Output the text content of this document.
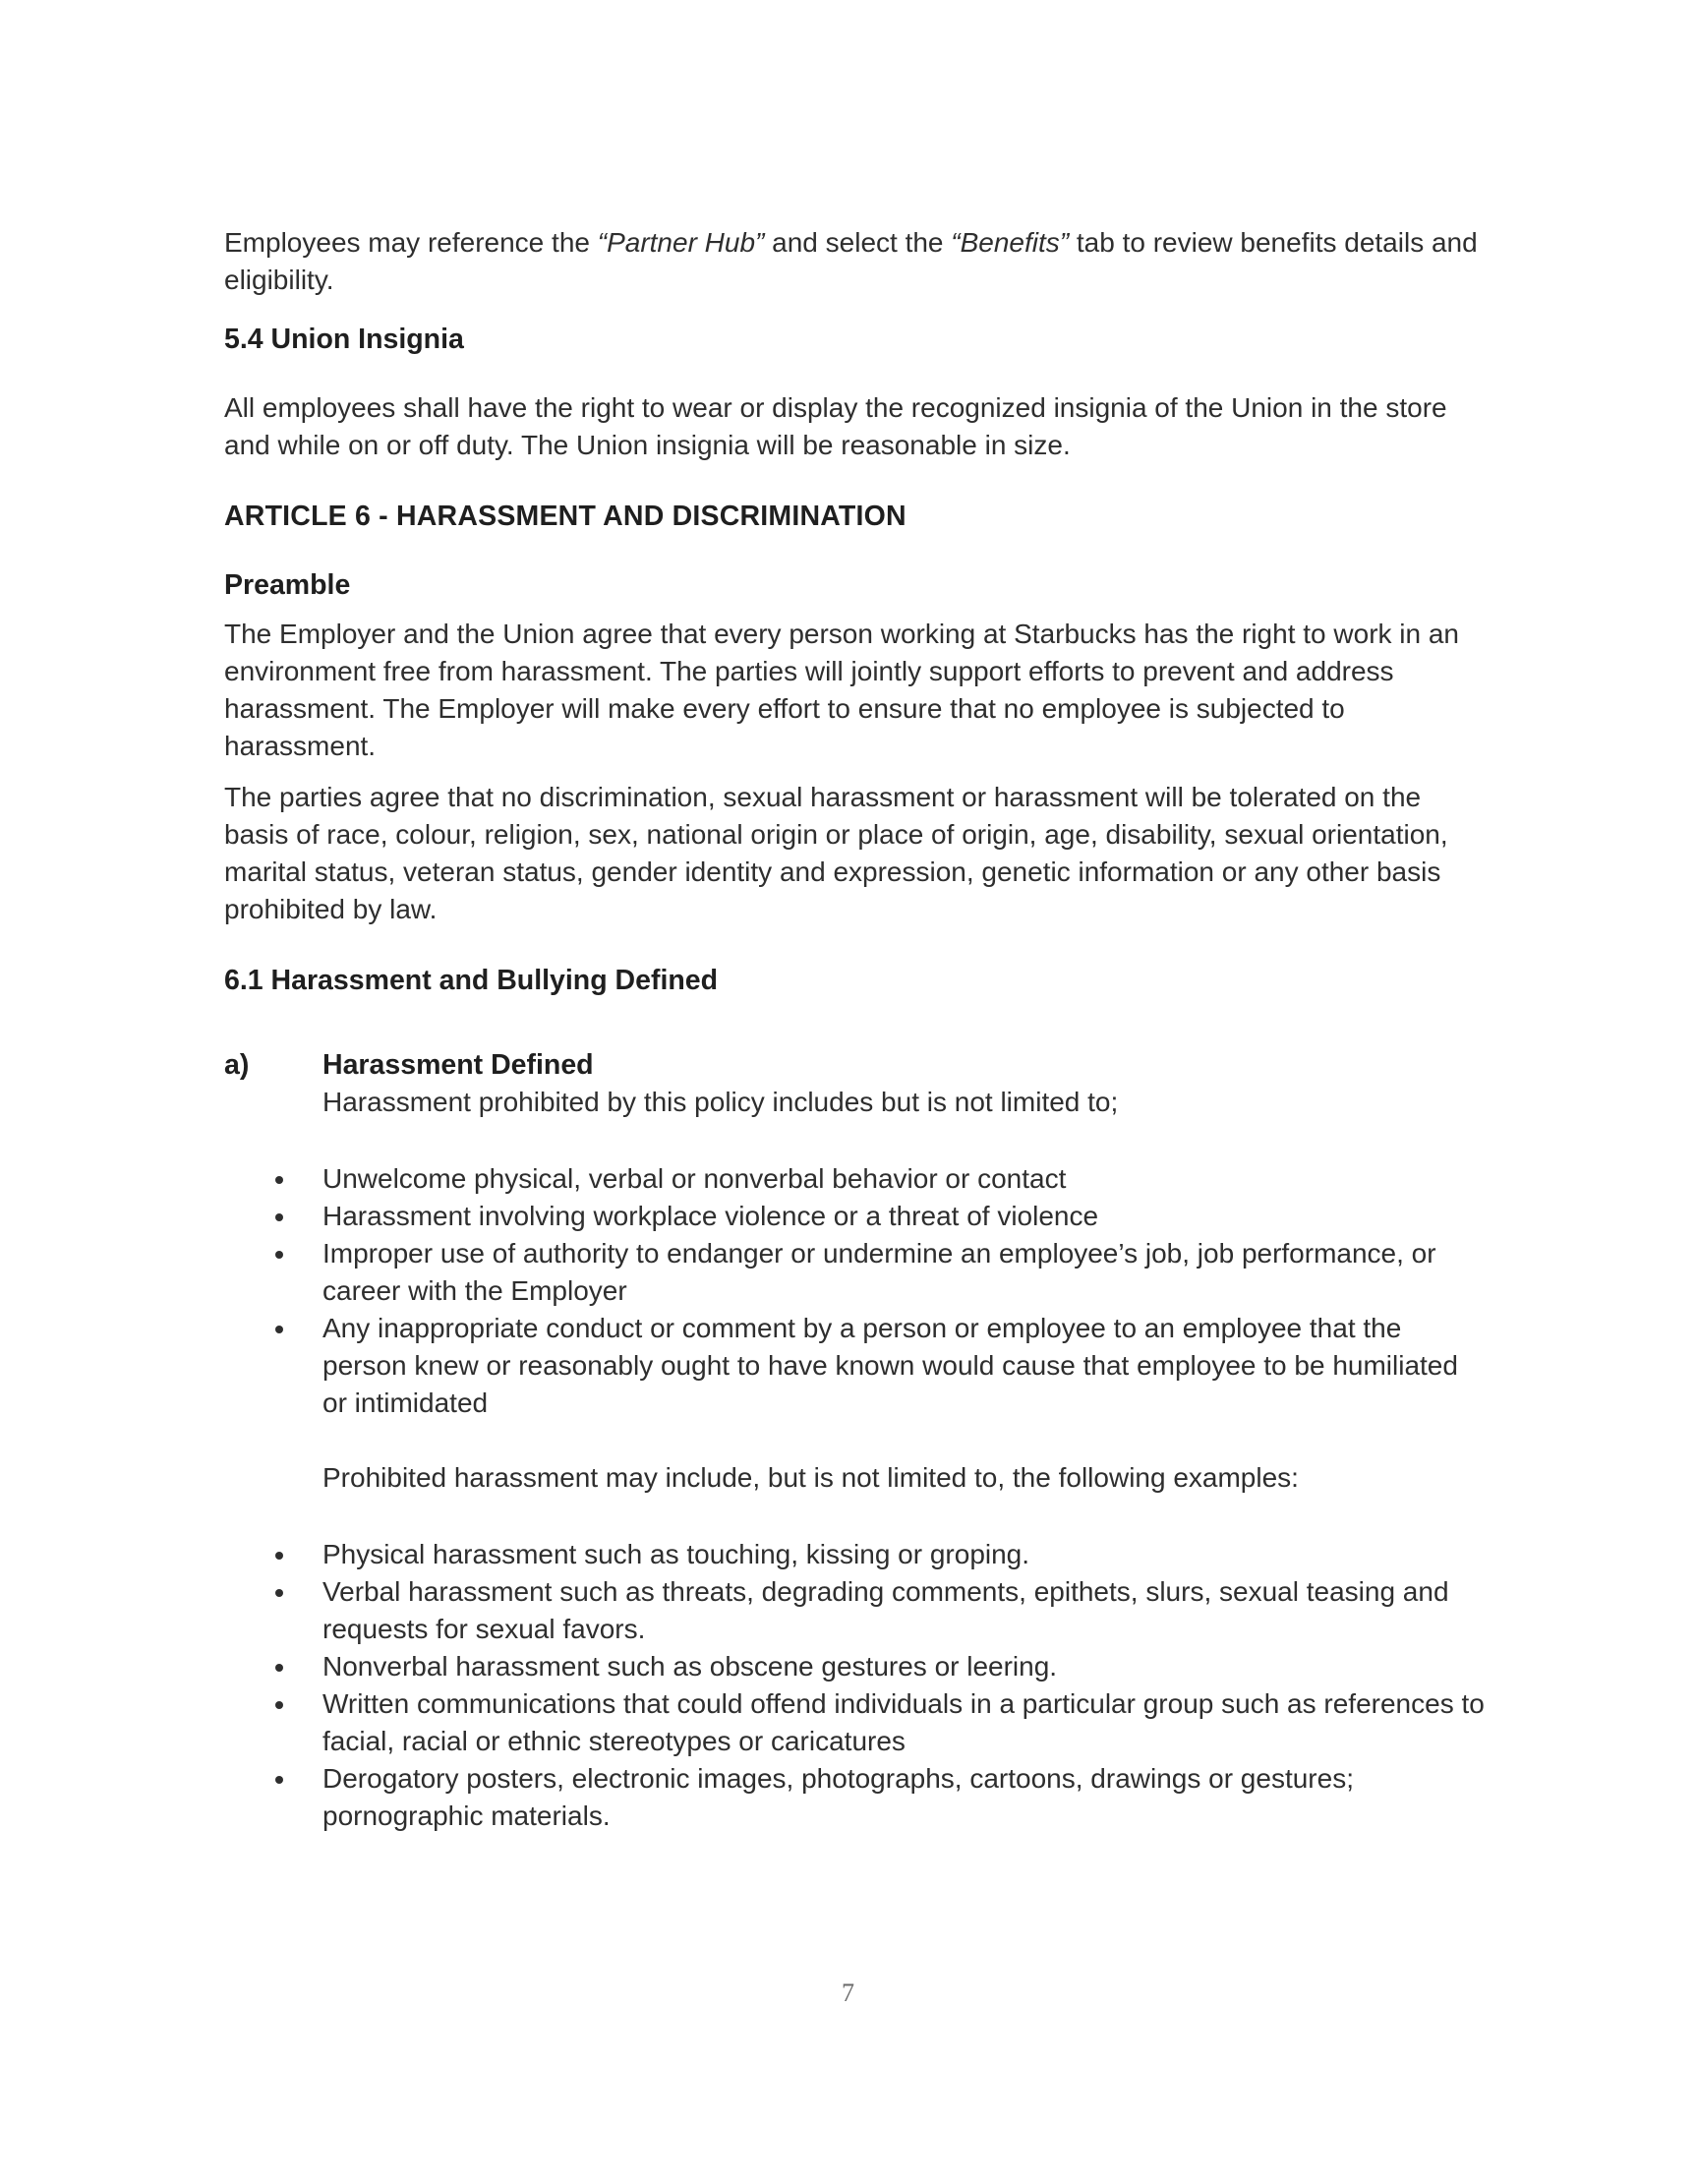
Employees may reference the “Partner Hub” and select the “Benefits” tab to review benefits details and eligibility.

5.4 Union Insignia

All employees shall have the right to wear or display the recognized insignia of the Union in the store and while on or off duty. The Union insignia will be reasonable in size.

ARTICLE 6 - HARASSMENT AND DISCRIMINATION
Preamble

The Employer and the Union agree that every person working at Starbucks has the right to work in an environment free from harassment. The parties will jointly support efforts to prevent and address harassment. The Employer will make every effort to ensure that no employee is subjected to harassment.

The parties agree that no discrimination, sexual harassment or harassment will be tolerated on the basis of race, colour, religion, sex, national origin or place of origin, age, disability, sexual orientation, marital status, veteran status, gender identity and expression, genetic information or any other basis prohibited by law.

6.1 Harassment and Bullying Defined
a)	Harassment Defined
Harassment prohibited by this policy includes but is not limited to;
Unwelcome physical, verbal or nonverbal behavior or contact
Harassment involving workplace violence or a threat of violence
Improper use of authority to endanger or undermine an employee’s job, job performance, or career with the Employer
Any inappropriate conduct or comment by a person or employee to an employee that the person knew or reasonably ought to have known would cause that employee to be humiliated or intimidated

Prohibited harassment may include, but is not limited to, the following examples:

Physical harassment such as touching, kissing or groping.
Verbal harassment such as threats, degrading comments, epithets, slurs, sexual teasing and requests for sexual favors.
Nonverbal harassment such as obscene gestures or leering.
Written communications that could offend individuals in a particular group such as references to facial, racial or ethnic stereotypes or caricatures
Derogatory posters, electronic images, photographs, cartoons, drawings or gestures; pornographic materials.
7
